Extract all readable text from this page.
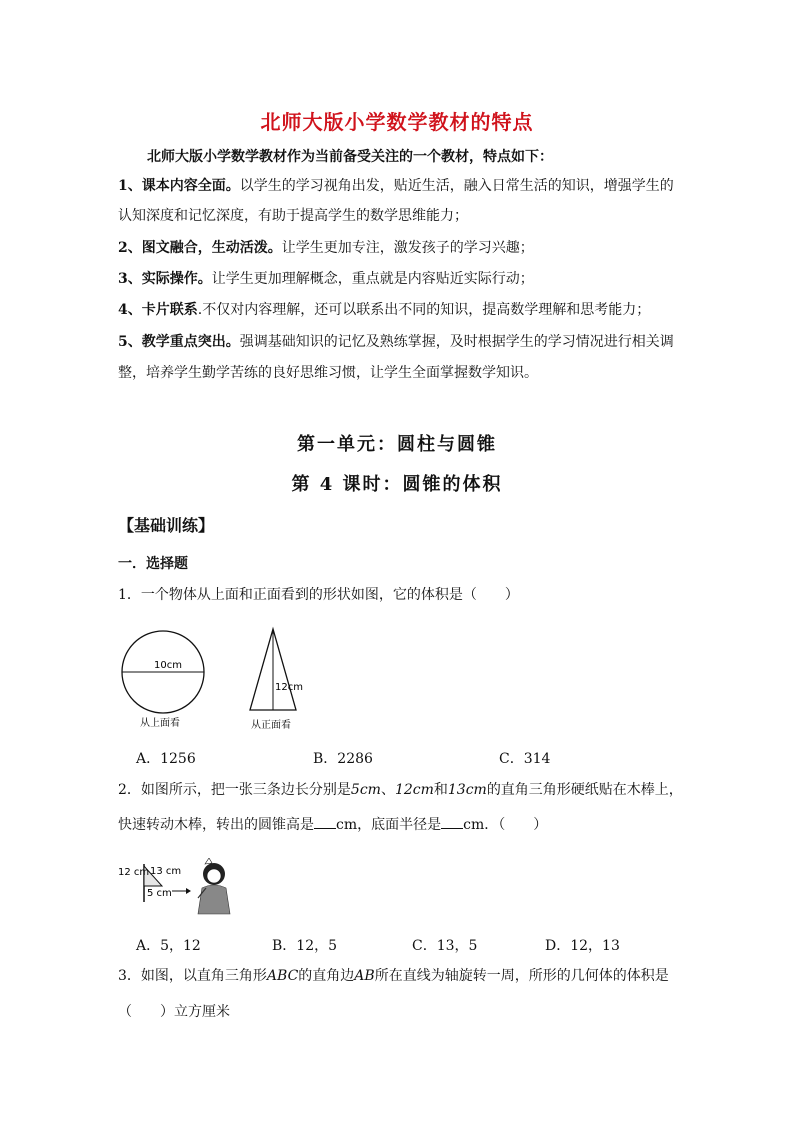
北师大版小学数学教材的特点
北师大版小学数学教材作为当前备受关注的一个教材，特点如下：
1、课本内容全面。以学生的学习视角出发，贴近生活，融入日常生活的知识，增强学生的
认知深度和记忆深度，有助于提高学生的数学思维能力；
2、图文融合，生动活泼。让学生更加专注，激发孩子的学习兴趣；
3、实际操作。让学生更加理解概念，重点就是内容贴近实际行动；
4、卡片联系.不仅对内容理解，还可以联系出不同的知识，提高数学理解和思考能力；
5、教学重点突出。强调基础知识的记忆及熟练掌握，及时根据学生的学习情况进行相关调
整，培养学生勤学苦练的良好思维习惯，让学生全面掌握数学知识。
第一单元：圆柱与圆锥
第 4 课时：圆锥的体积
【基础训练】
一．选择题
1．一个物体从上面和正面看到的形状如图，它的体积是（　　）
10cm
从上面看
12cm
从正面看
A．1256	B．2286	C．314
2．如图所示，把一张三条边长分别是5cm、12cm和13cm的直角三角形硬纸贴在木棒上，
快速转动木棒，转出的圆锥高是 cm，底面半径是 cm．（　　）
12 cm 13 cm
5 cm
A．5，12	B．12，5	C．13，5	D．12，13
3．如图，以直角三角形ABC的直角边AB所在直线为轴旋转一周，所形的几何体的体积是
（　　）立方厘米
